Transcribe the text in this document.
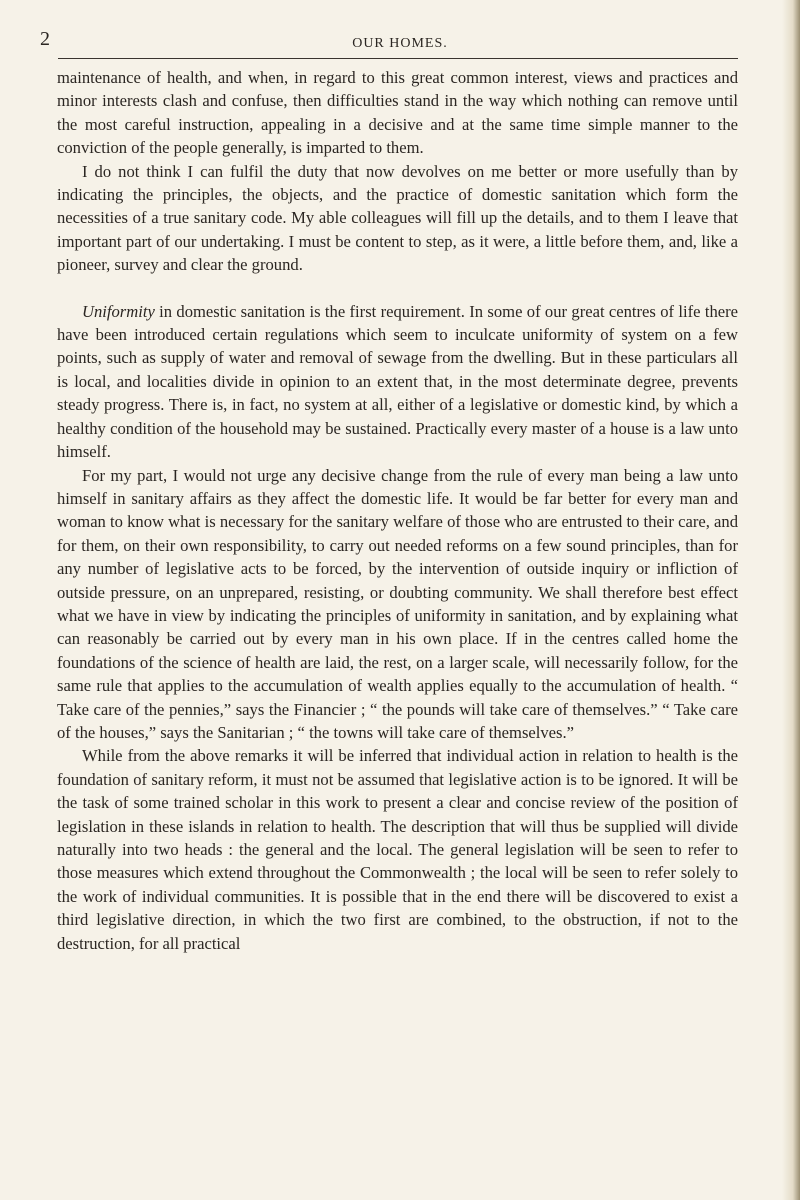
2	OUR HOMES.

maintenance of health, and when, in regard to this great common interest, views and practices and minor interests clash and confuse, then difficulties stand in the way which nothing can remove until the most careful instruction, appealing in a decisive and at the same time simple manner to the conviction of the people generally, is imparted to them.

I do not think I can fulfil the duty that now devolves on me better or more usefully than by indicating the principles, the objects, and the practice of domestic sanitation which form the necessities of a true sanitary code. My able colleagues will fill up the details, and to them I leave that important part of our undertaking. I must be content to step, as it were, a little before them, and, like a pioneer, survey and clear the ground.

Uniformity in domestic sanitation is the first requirement. In some of our great centres of life there have been introduced certain regulations which seem to inculcate uniformity of system on a few points, such as supply of water and removal of sewage from the dwelling. But in these particulars all is local, and localities divide in opinion to an extent that, in the most determinate degree, prevents steady progress. There is, in fact, no system at all, either of a legislative or domestic kind, by which a healthy condition of the household may be sustained. Practically every master of a house is a law unto himself.

For my part, I would not urge any decisive change from the rule of every man being a law unto himself in sanitary affairs as they affect the domestic life. It would be far better for every man and woman to know what is necessary for the sanitary welfare of those who are entrusted to their care, and for them, on their own responsibility, to carry out needed reforms on a few sound principles, than for any number of legislative acts to be forced, by the intervention of outside inquiry or infliction of outside pressure, on an unprepared, resisting, or doubting community. We shall therefore best effect what we have in view by indicating the principles of uniformity in sanitation, and by explaining what can reasonably be carried out by every man in his own place. If in the centres called home the foundations of the science of health are laid, the rest, on a larger scale, will necessarily follow, for the same rule that applies to the accumulation of wealth applies equally to the accumulation of health. “ Take care of the pennies,” says the Financier ; “ the pounds will take care of themselves.” “ Take care of the houses,” says the Sanitarian ; “ the towns will take care of themselves.”

While from the above remarks it will be inferred that individual action in relation to health is the foundation of sanitary reform, it must not be assumed that legislative action is to be ignored. It will be the task of some trained scholar in this work to present a clear and concise review of the position of legislation in these islands in relation to health. The description that will thus be supplied will divide naturally into two heads : the general and the local. The general legislation will be seen to refer to those measures which extend throughout the Commonwealth ; the local will be seen to refer solely to the work of individual communities. It is possible that in the end there will be discovered to exist a third legislative direction, in which the two first are combined, to the obstruction, if not to the destruction, for all practical
